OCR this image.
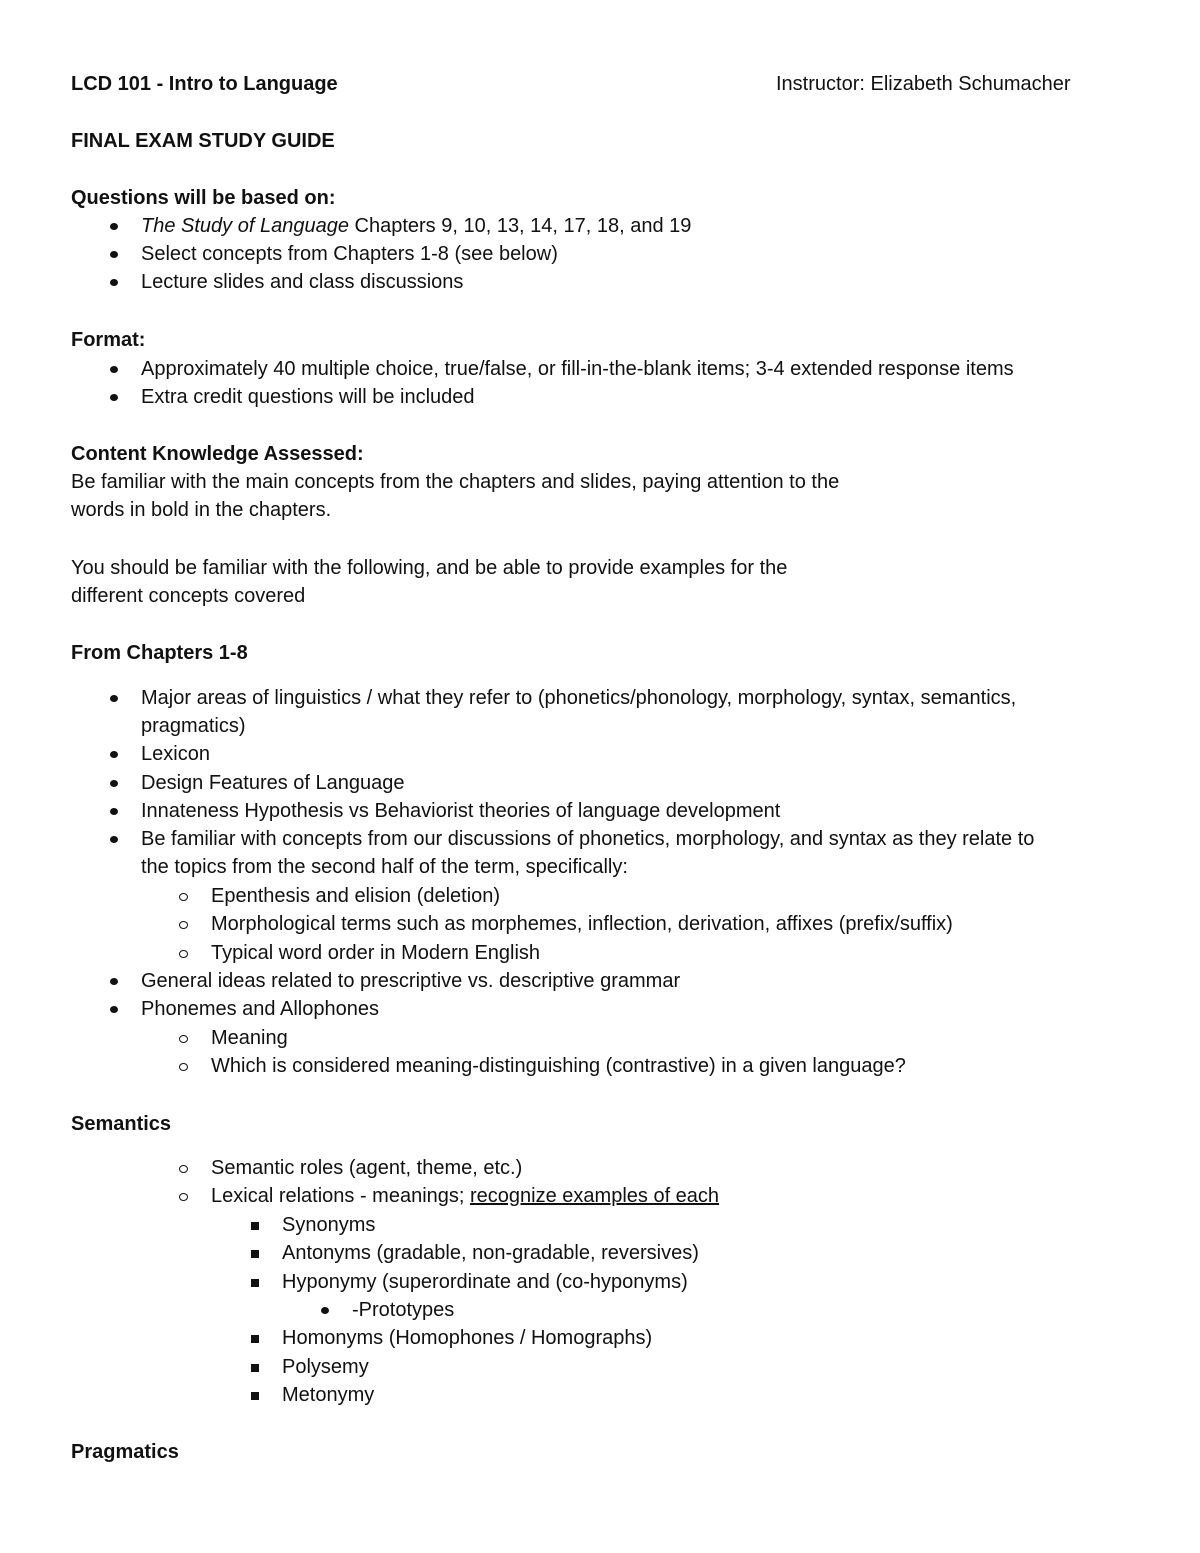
LCD 101 - Intro to Language	Instructor: Elizabeth Schumacher
FINAL EXAM STUDY GUIDE
Questions will be based on:
The Study of Language Chapters 9, 10, 13, 14, 17, 18, and 19
Select concepts from Chapters 1-8 (see below)
Lecture slides and class discussions
Format:
Approximately 40 multiple choice, true/false, or fill-in-the-blank items; 3-4 extended response items
Extra credit questions will be included
Content Knowledge Assessed:
Be familiar with the main concepts from the chapters and slides, paying attention to the
words in bold in the chapters.
You should be familiar with the following, and be able to provide examples for the
different concepts covered
From Chapters 1-8
Major areas of linguistics / what they refer to (phonetics/phonology, morphology, syntax, semantics,
pragmatics)
Lexicon
Design Features of Language
Innateness Hypothesis vs Behaviorist theories of language development
Be familiar with concepts from our discussions of phonetics, morphology, and syntax as they relate to
the topics from the second half of the term, specifically:
Epenthesis and elision (deletion)
Morphological terms such as morphemes, inflection, derivation, affixes (prefix/suffix)
Typical word order in Modern English
General ideas related to prescriptive vs. descriptive grammar
Phonemes and Allophones
Meaning
Which is considered meaning-distinguishing (contrastive) in a given language?
Semantics
Semantic roles (agent, theme, etc.)
Lexical relations - meanings; recognize examples of each
Synonyms
Antonyms (gradable, non-gradable, reversives)
Hyponymy (superordinate and (co-hyponyms)
-Prototypes
Homonyms (Homophones / Homographs)
Polysemy
Metonymy
Pragmatics
